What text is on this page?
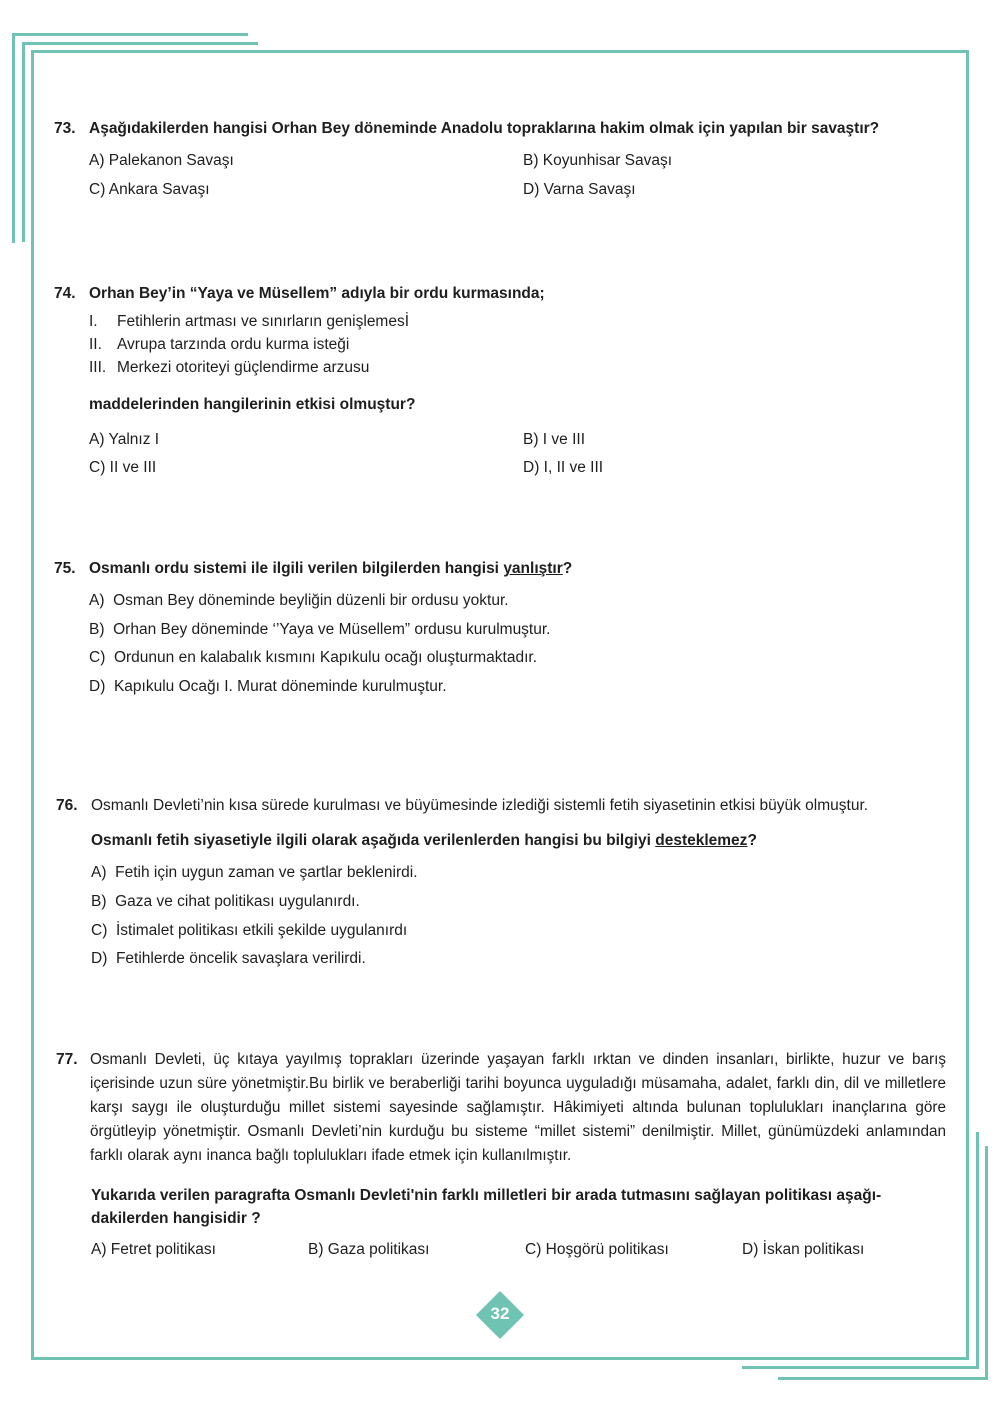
73. Aşağıdakilerden hangisi Orhan Bey döneminde Anadolu topraklarına hakim olmak için yapılan bir savaştır?
A) Palekanon Savaşı	B) Koyunhisar Savaşı
C) Ankara Savaşı	D) Varna Savaşı
74. Orhan Bey’in “Yaya ve Müsellem” adıyla bir ordu kurmasında;
I. Fetihlerin artması ve sınırların genişlemesİ
II. Avrupa tarzında ordu kurma isteği
III. Merkezi otoriteyi güçlendirme arzusu
maddelerinden hangilerinin etkisi olmuştur?
A) Yalnız I	B) I ve III
C) II ve III	D) I, II ve III
75. Osmanlı ordu sistemi ile ilgili verilen bilgilerden hangisi yanlıştır?
A)  Osman Bey döneminde beyliğin düzenli bir ordusu yoktur.
B)  Orhan Bey döneminde ‘’Yaya ve Müsellem” ordusu kurulmuştur.
C)  Ordunun en kalabalık kısmını Kapıkulu ocağı oluşturmaktadır.
D)  Kapıkulu Ocağı I. Murat döneminde kurulmuştur.
76. Osmanlı Devleti’nin kısa sürede kurulması ve büyümesinde izlediği sistemli fetih siyasetinin etkisi büyük olmuştur.
Osmanlı fetih siyasetiyle ilgili olarak aşağıda verilenlerden hangisi bu bilgiyi desteklemez?
A)  Fetih için uygun zaman ve şartlar beklenirdi.
B)  Gaza ve cihat politikası uygulanırdı.
C)  İstimalet politikası etkili şekilde uygulanırdı
D)  Fetihlerde öncelik savaşlara verilirdi.
77. Osmanlı Devleti, üç kıtaya yayılmış toprakları üzerinde yaşayan farklı ırktan ve dinden insanları, birlikte, huzur ve barış içerisinde uzun süre yönetmiştir.Bu birlik ve beraberliği tarihi boyunca uyguladığı müsamaha, adalet, farklı din, dil ve milletlere karşı saygı ile oluşturduğu millet sistemi sayesinde sağlamıştır. Hâkimiyeti altında bulunan toplulukları inançlarına göre örgütleyip yönetmiştir. Osmanlı Devleti’nin kurduğu bu sisteme “millet sistemi” denilmiştir. Millet, günümüzdeki anlamından farklı olarak aynı inanca bağlı toplulukları ifade etmek için kullanılmıştır.
Yukarıda verilen paragrafta Osmanlı Devleti'nin farklı milletleri bir arada tutmasını sağlayan politikası aşağı-
dakilerden hangisidir ?
A) Fetret politikası	B) Gaza politikası	C) Hoşgörü politikası	D) İskan politikası
32
